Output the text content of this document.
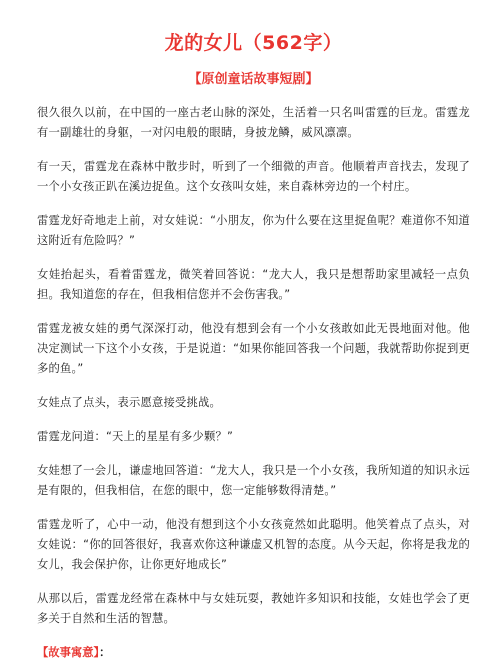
龙的女儿（562字）
【原创童话故事短剧】

很久很久以前，在中国的一座古老山脉的深处，生活着一只名叫雷霆的巨龙。雷霆龙有一副雄壮的身躯，一对闪电般的眼睛，身披龙鳞，威风凛凛。

有一天，雷霆龙在森林中散步时，听到了一个细微的声音。他顺着声音找去，发现了一个小女孩正趴在溪边捉鱼。这个女孩叫女娃，来自森林旁边的一个村庄。

雷霆龙好奇地走上前，对女娃说：“小朋友，你为什么要在这里捉鱼呢？难道你不知道这附近有危险吗？”

女娃抬起头，看着雷霆龙，微笑着回答说：“龙大人，我只是想帮助家里减轻一点负担。我知道您的存在，但我相信您并不会伤害我。”

雷霆龙被女娃的勇气深深打动，他没有想到会有一个小女孩敢如此无畏地面对他。他决定测试一下这个小女孩，于是说道：“如果你能回答我一个问题，我就帮助你捉到更多的鱼。”

女娃点了点头，表示愿意接受挑战。

雷霆龙问道：“天上的星星有多少颗？”

女娃想了一会儿，谦虚地回答道：“龙大人，我只是一个小女孩，我所知道的知识永远是有限的，但我相信，在您的眼中，您一定能够数得清楚。”

雷霆龙听了，心中一动，他没有想到这个小女孩竟然如此聪明。他笑着点了点头，对女娃说：“你的回答很好，我喜欢你这种谦虚又机智的态度。从今天起，你将是我龙的女儿，我会保护你，让你更好地成长”

从那以后，雷霆龙经常在森林中与女娃玩耍，教她许多知识和技能，女娃也学会了更多关于自然和生活的智慧。

【故事寓意】：
